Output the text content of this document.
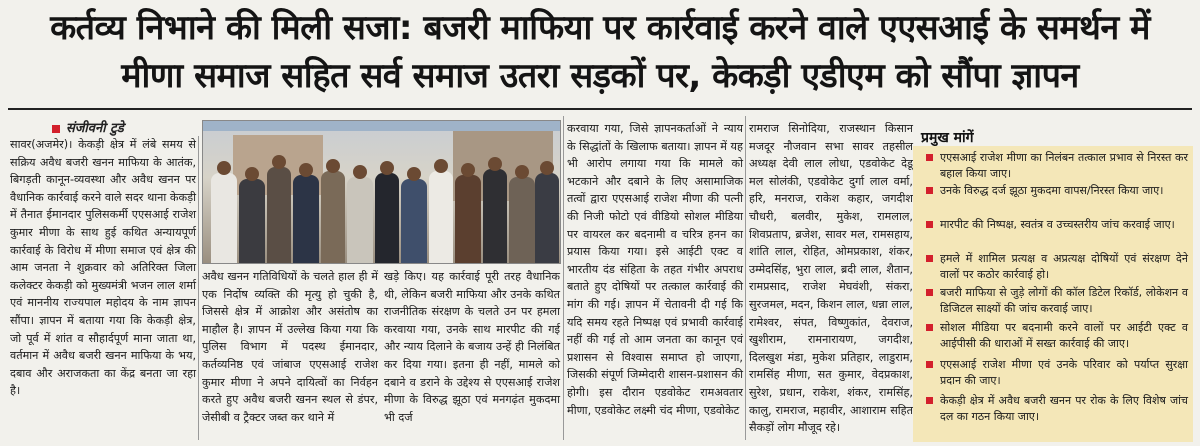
कर्तव्य निभाने की मिली सजा: बजरी माफिया पर कार्रवाई करने वाले एएसआई के समर्थन में
मीणा समाज सहित सर्व समाज उतरा सड़कों पर, केकड़ी एडीएम को सौंपा ज्ञापन
संजीवनी टुडे

सावर(अजमेर)। केकड़ी क्षेत्र में लंबे समय से सक्रिय अवैध बजरी खनन माफिया के आतंक, बिगड़ती कानून-व्यवस्था और अवैध खनन पर वैधानिक कार्रवाई करने वाले सदर थाना केकड़ी में तैनात ईमानदार पुलिसकर्मी एएसआई राजेश कुमार मीणा के साथ हुई कथित अन्यायपूर्ण कार्रवाई के विरोध में मीणा समाज एवं क्षेत्र की आम जनता ने शुक्रवार को अतिरिक्त जिला कलेक्टर केकड़ी को मुख्यमंत्री भजन लाल शर्मा एवं माननीय राज्यपाल महोदय के नाम ज्ञापन सौंपा। ज्ञापन में बताया गया कि केकड़ी क्षेत्र, जो पूर्व में शांत व सौहार्दपूर्ण माना जाता था, वर्तमान में अवैध बजरी खनन माफिया के भय, दबाव और अराजकता का केंद्र बनता जा रहा है।

अवैध खनन गतिविधियों के चलते हाल ही में एक निर्दोष व्यक्ति की मृत्यु हो चुकी है, जिससे क्षेत्र में आक्रोश और असंतोष का माहौल है। ज्ञापन में उल्लेख किया गया कि पुलिस विभाग में पदस्थ ईमानदार, कर्तव्यनिष्ठ एवं जांबाज एएसआई राजेश कुमार मीणा ने अपने दायित्वों का निर्वहन करते हुए अवैध बजरी खनन स्थल से डंपर, जेसीबी व ट्रैक्टर जब्त कर थाने में

खड़े किए। यह कार्रवाई पूरी तरह वैधानिक थी, लेकिन बजरी माफिया और उनके कथित राजनीतिक संरक्षण के चलते उन पर हमला करवाया गया, उनके साथ मारपीट की गई और न्याय दिलाने के बजाय उन्हें ही निलंबित कर दिया गया। इतना ही नहीं, मामले को दबाने व डराने के उद्देश्य से एएसआई राजेश मीणा के विरुद्ध झूठा एवं मनगढ़ंत मुकदमा भी दर्ज

करवाया गया, जिसे ज्ञापनकर्ताओं ने न्याय के सिद्धांतों के खिलाफ बताया। ज्ञापन में यह भी आरोप लगाया गया कि मामले को भटकाने और दबाने के लिए असामाजिक तत्वों द्वारा एएसआई राजेश मीणा की पत्नी की निजी फोटो एवं वीडियो सोशल मीडिया पर वायरल कर बदनामी व चरित्र हनन का प्रयास किया गया। इसे आईटी एक्ट व भारतीय दंड संहिता के तहत गंभीर अपराध बताते हुए दोषियों पर तत्काल कार्रवाई की मांग की गई। ज्ञापन में चेतावनी दी गई कि यदि समय रहते निष्पक्ष एवं प्रभावी कार्रवाई नहीं की गई तो आम जनता का कानून एवं प्रशासन से विश्वास समाप्त हो जाएगा, जिसकी संपूर्ण जिम्मेदारी शासन-प्रशासन की होगी। इस दौरान एडवोकेट रामअवतार मीणा, एडवोकेट लक्ष्मी चंद मीणा, एडवोकेट

रामराज सिनोदिया, राजस्थान किसान मजदूर नौजवान सभा सावर तहसील अध्यक्ष देवी लाल लोधा, एडवोकेट देडू मल सोलंकी, एडवोकेट दुर्गा लाल वर्मा, हरि, मनराज, राकेश कहार, जगदीश चौधरी, बलवीर, मुकेश, रामलाल, शिवप्रताप, ब्रजेश, सावर मल, रामसहाय, शांति लाल, रोहित, ओमप्रकाश, शंकर, उम्मेदसिंह, भुरा लाल, ब्रदी लाल, शैतान, रामप्रसाद, राजेश मेघवंशी, संकरा, सुरजमल, मदन, किशन लाल, धन्ना लाल, रामेश्वर, संपत, विष्णुकांत, देवराज, खुशीराम, रामनारायण, जगदीश, दिलखुश मंडा, मुकेश प्रतिहार, लाडुराम, रामसिंह मीणा, सत कुमार, वेदप्रकाश, सुरेश, प्रधान, राकेश, शंकर, रामसिंह, कालु, रामराज, महावीर, आशाराम सहित सैकड़ों लोग मौजूद रहे।

प्रमुख मांगें
एएसआई राजेश मीणा का निलंबन तत्काल प्रभाव से निरस्त कर बहाल किया जाए।
उनके विरुद्ध दर्ज झूठा मुकदमा वापस/निरस्त किया जाए।
मारपीट की निष्पक्ष, स्वतंत्र व उच्चस्तरीय जांच करवाई जाए।
हमले में शामिल प्रत्यक्ष व अप्रत्यक्ष दोषियों एवं संरक्षण देने वालों पर कठोर कार्रवाई हो।
बजरी माफिया से जुड़े लोगों की कॉल डिटेल रिकॉर्ड, लोकेशन व डिजिटल साक्ष्यों की जांच करवाई जाए।
सोशल मीडिया पर बदनामी करने वालों पर आईटी एक्ट व आईपीसी की धाराओं में सख्त कार्रवाई की जाए।
एएसआई राजेश मीणा एवं उनके परिवार को पर्याप्त सुरक्षा प्रदान की जाए।
केकड़ी क्षेत्र में अवैध बजरी खनन पर रोक के लिए विशेष जांच दल का गठन किया जाए।
